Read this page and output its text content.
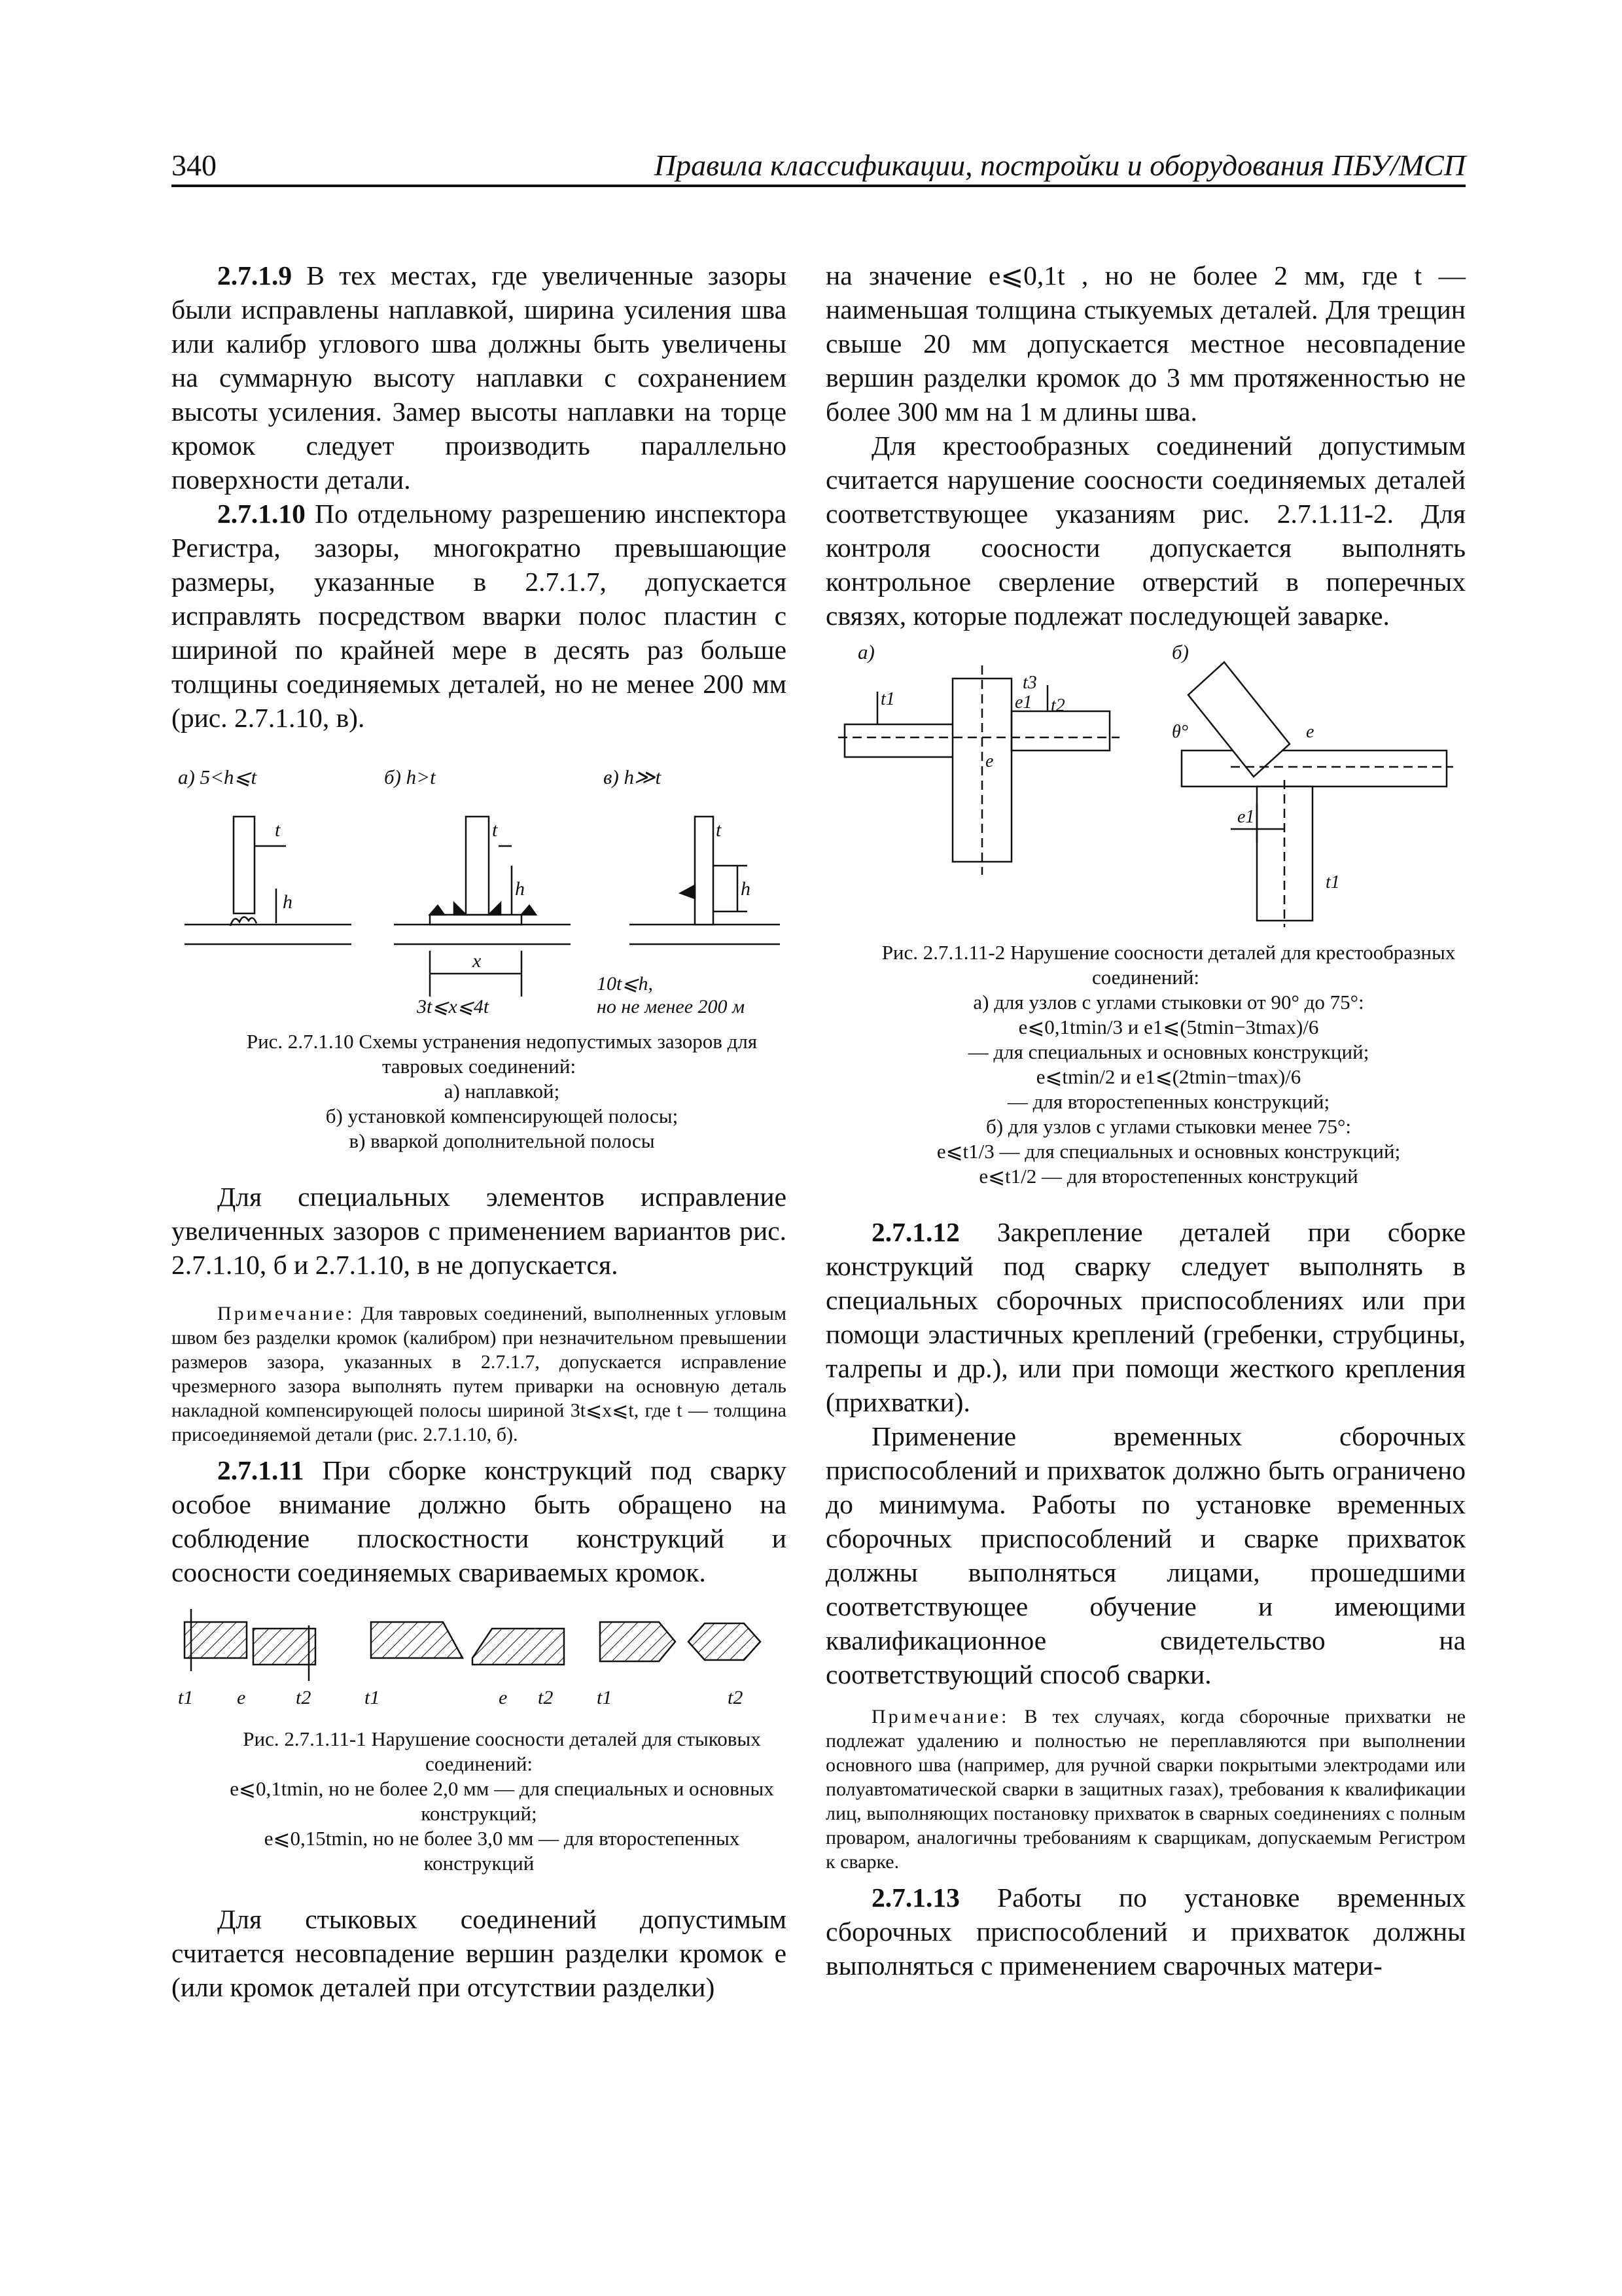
340	Правила классификации, постройки и оборудования ПБУ/МСП

2.7.1.9 В тех местах, где увеличенные зазоры были исправлены наплавкой, ширина усиления шва или калибр углового шва должны быть увеличены на суммарную высоту наплавки с сохранением высоты усиления. Замер высоты наплавки на торце кромок следует производить параллельно поверхности детали.

2.7.1.10 По отдельному разрешению инспектора Регистра, зазоры, многократно превышающие размеры, указанные в 2.7.1.7, допускается исправлять посредством вварки полос пластин с шириной по крайней мере в десять раз больше толщины соединяемых деталей, но не менее 200 мм (рис. 2.7.1.10, в).

а) 5<h⩽t	б) h>t	в) h≫t
t
h
t
h
x
t
h
3t⩽x⩽4t
10t⩽h,
но не менее 200 м

Рис. 2.7.1.10 Схемы устранения недопустимых зазоров для тавровых соединений:

а) наплавкой;

б) установкой компенсирующей полосы;

в) вваркой дополнительной полосы

Для специальных элементов исправление увеличенных зазоров с применением вариантов рис. 2.7.1.10, б и 2.7.1.10, в не допускается.

Примечание: Для тавровых соединений, выполненных угловым швом без разделки кромок (калибром) при незначительном превышении размеров зазора, указанных в 2.7.1.7, допускается исправление чрезмерного зазора выполнять путем приварки на основную деталь накладной компенсирующей полосы шириной 3t⩽x⩽t, где t — толщина присоединяемой детали (рис. 2.7.1.10, б).

2.7.1.11 При сборке конструкций под сварку особое внимание должно быть обращено на соблюдение плоскостности конструкций и соосности соединяемых свариваемых кромок.

t1 e	t2	t1	e t2 t1	t2

Рис. 2.7.1.11-1 Нарушение соосности деталей для стыковых соединений:

e⩽0,1tmin, но не более 2,0 мм — для специальных и основных конструкций;

e⩽0,15tmin, но не более 3,0 мм — для второстепенных конструкций

Для стыковых соединений допустимым считается несовпадение вершин разделки кромок e (или кромок деталей при отсутствии разделки)

на значение e⩽0,1t , но не более 2 мм, где t — наименьшая толщина стыкуемых деталей. Для трещин свыше 20 мм допускается местное несовпадение вершин разделки кромок до 3 мм протяженностью не более 300 мм на 1 м длины шва.

Для крестообразных соединений допустимым считается нарушение соосности соединяемых деталей соответствующее указаниям рис. 2.7.1.11-2. Для контроля соосности допускается выполнять контрольное сверление отверстий в поперечных связях, которые подлежат последующей заварке.

а)	б)
t1
t3
e1 t2
e
θ°	e
e1
t1

Рис. 2.7.1.11-2 Нарушение соосности деталей для крестообразных соединений:

а) для узлов с углами стыковки от 90° до 75°:

e⩽0,1tmin/3 и e1⩽(5tmin−3tmax)/6

— для специальных и основных конструкций;

e⩽tmin/2 и e1⩽(2tmin−tmax)/6

— для второстепенных конструкций;

б) для узлов с углами стыковки менее 75°:

e⩽t1/3 — для специальных и основных конструкций;

e⩽t1/2 — для второстепенных конструкций

2.7.1.12 Закрепление деталей при сборке конструкций под сварку следует выполнять в специальных сборочных приспособлениях или при помощи эластичных креплений (гребенки, струбцины, талрепы и др.), или при помощи жесткого крепления (прихватки).

Применение временных сборочных приспособлений и прихваток должно быть ограничено до минимума. Работы по установке временных сборочных приспособлений и сварке прихваток должны выполняться лицами, прошедшими соответствующее обучение и имеющими квалификационное свидетельство на соответствующий способ сварки.

Примечание: В тех случаях, когда сборочные прихватки не подлежат удалению и полностью не переплавляются при выполнении основного шва (например, для ручной сварки покрытыми электродами или полуавтоматической сварки в защитных газах), требования к квалификации лиц, выполняющих постановку прихваток в сварных соединениях с полным проваром, аналогичны требованиям к сварщикам, допускаемым Регистром к сварке.

2.7.1.13 Работы по установке временных сборочных приспособлений и прихваток должны выполняться с применением сварочных матери-
